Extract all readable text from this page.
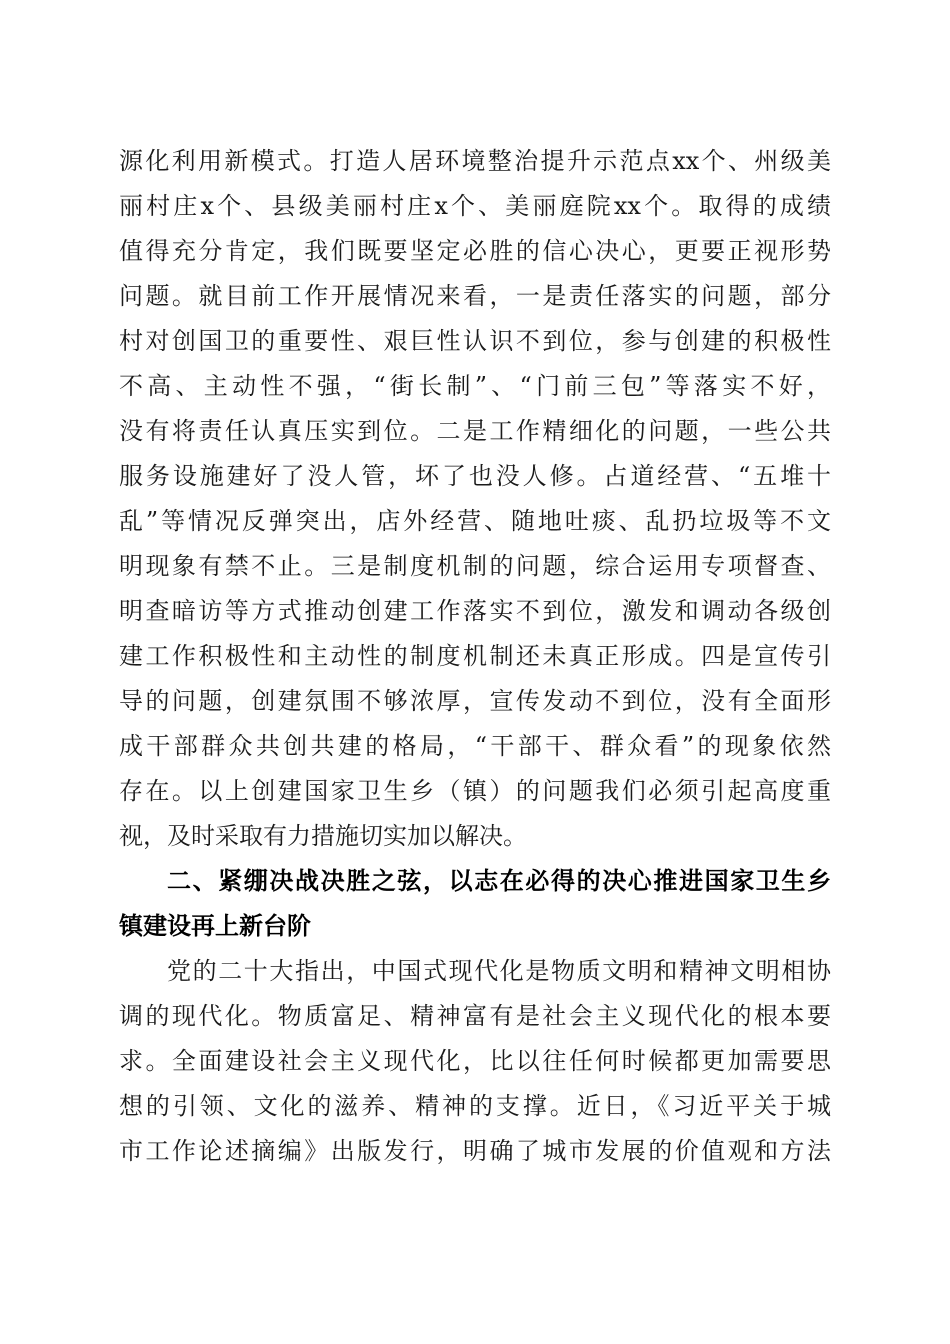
源化利用新模式。打造人居环境整治提升示范点xx个、州级美
丽村庄x个、县级美丽村庄x个、美丽庭院xx个。取得的成绩
值得充分肯定，我们既要坚定必胜的信心决心，更要正视形势
问题。就目前工作开展情况来看，一是责任落实的问题，部分
村对创国卫的重要性、艰巨性认识不到位，参与创建的积极性
不高、主动性不强，“街长制”、“门前三包”等落实不好，
没有将责任认真压实到位。二是工作精细化的问题，一些公共
服务设施建好了没人管，坏了也没人修。占道经营、“五堆十
乱”等情况反弹突出，店外经营、随地吐痰、乱扔垃圾等不文
明现象有禁不止。三是制度机制的问题，综合运用专项督查、
明查暗访等方式推动创建工作落实不到位，激发和调动各级创
建工作积极性和主动性的制度机制还未真正形成。四是宣传引
导的问题，创建氛围不够浓厚，宣传发动不到位，没有全面形
成干部群众共创共建的格局，“干部干、群众看”的现象依然
存在。以上创建国家卫生乡（镇）的问题我们必须引起高度重
视，及时采取有力措施切实加以解决。
二、紧绷决战决胜之弦，以志在必得的决心推进国家卫生乡
镇建设再上新台阶
党的二十大指出，中国式现代化是物质文明和精神文明相协
调的现代化。物质富足、精神富有是社会主义现代化的根本要
求。全面建设社会主义现代化，比以往任何时候都更加需要思
想的引领、文化的滋养、精神的支撑。近日，《习近平关于城
市工作论述摘编》出版发行，明确了城市发展的价值观和方法
